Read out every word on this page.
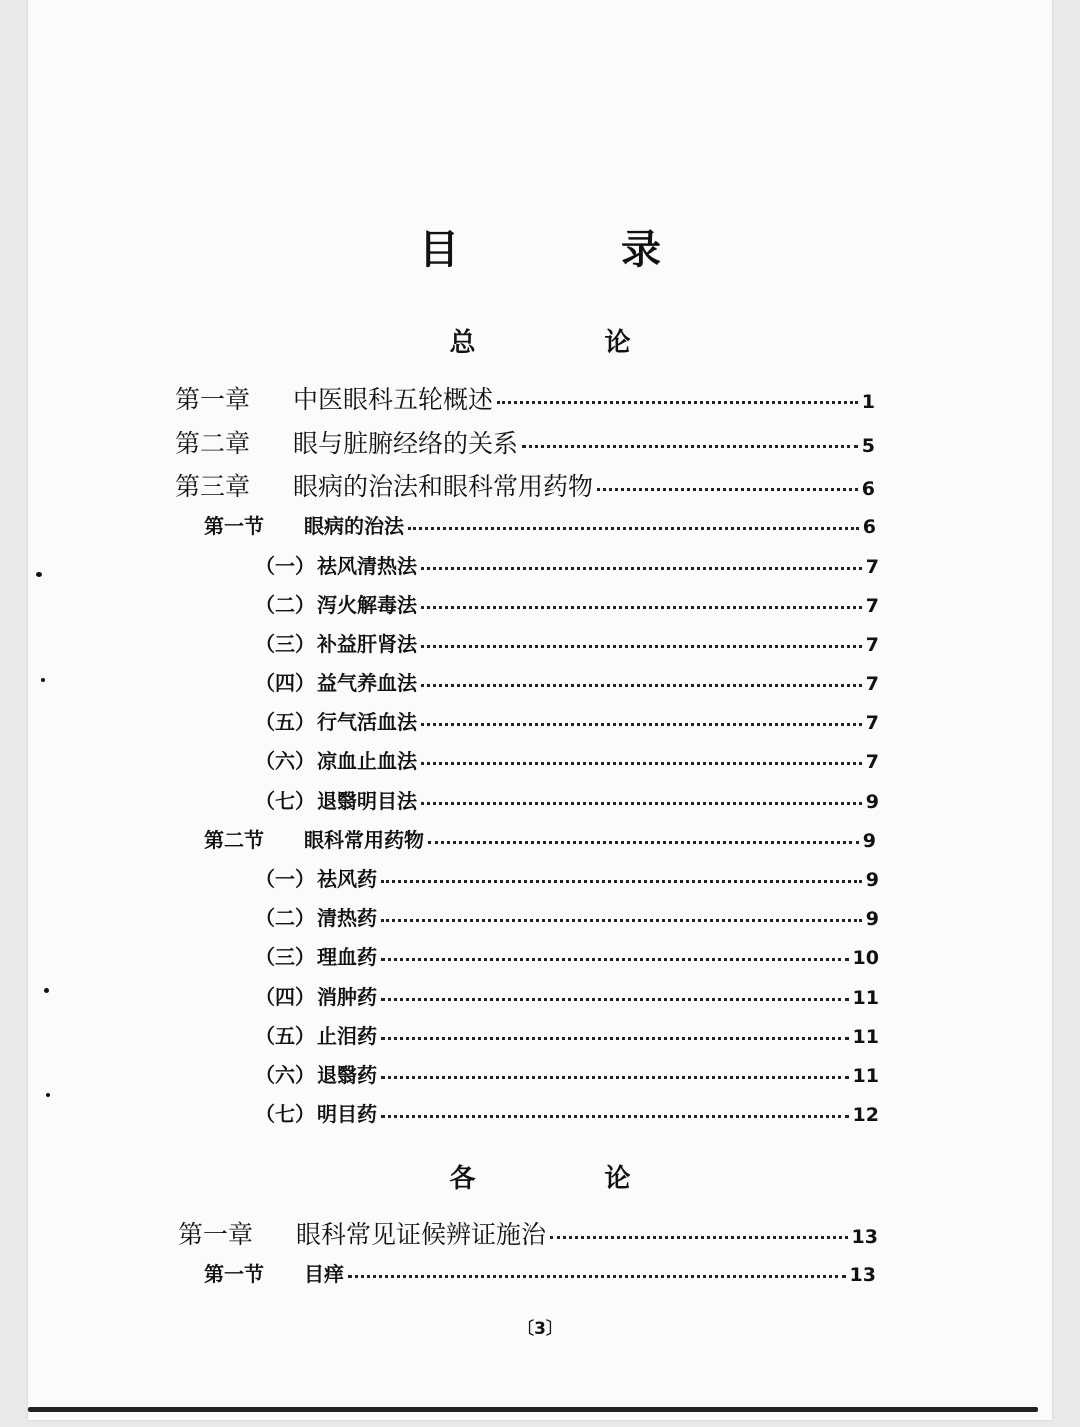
目 录
总 论
第一章	中医眼科五轮概述	1
第二章	眼与脏腑经络的关系	5
第三章	眼病的治法和眼科常用药物	6
第一节	眼病的治法	6
（一） 祛风清热法	7
（二） 泻火解毒法	7
（三） 补益肝肾法	7
（四） 益气养血法	7
（五） 行气活血法	7
（六） 凉血止血法	7
（七） 退翳明目法	9
第二节	眼科常用药物	9
（一） 祛风药	9
（二） 清热药	9
（三） 理血药	10
（四） 消肿药	11
（五） 止泪药	11
（六） 退翳药	11
（七） 明目药	12
各 论
第一章	眼科常见证候辨证施治	13
第一节	目痒	13
〔3〕
